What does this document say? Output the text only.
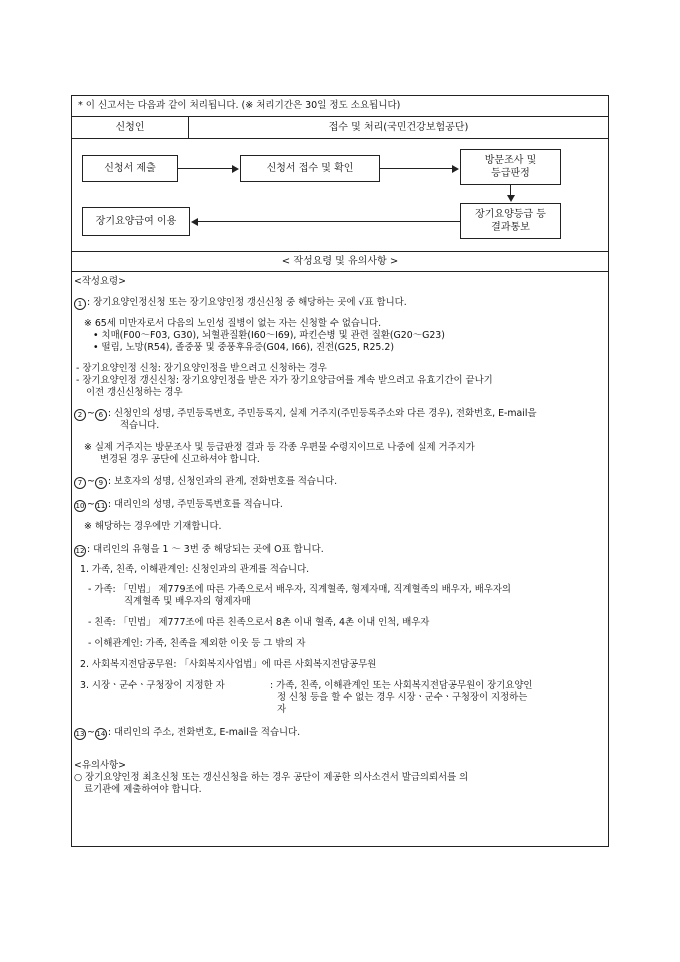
* 이 신고서는 다음과 같이 처리됩니다. (※ 처리기간은 30일 정도 소요됩니다)
신청인	접수 및 처리(국민건강보험공단)
신청서 제출	신청서 접수 및 확인
방문조사 및
등급판정
장기요양등급 등
결과통보
장기요양급여 이용
< 작성요령 및 유의사항 >
<작성요령>
1 : 장기요양인정신청 또는 장기요양인정 갱신신청 중 해당하는 곳에 √표 합니다.
※ 65세 미만자로서 다음의 노인성 질병이 없는 자는 신청할 수 없습니다.
• 치매(F00～F03, G30), 뇌혈관질환(I60～I69), 파킨슨병 및 관련 질환(G20～G23)
• 떨림, 노망(R54), 졸중풍 및 중풍후유증(G04, I66), 진전(G25, R25.2)
- 장기요양인정 신청: 장기요양인정을 받으려고 신청하는 경우
- 장기요양인정 갱신신청: 장기요양인정을 받은 자가 장기요양급여를 계속 받으려고 유효기간이 끝나기
이전 갱신신청하는 경우
2 ~ 6 : 신청인의 성명, 주민등록번호, 주민등록지, 실제 거주지(주민등록주소와 다른 경우), 전화번호, E-mail을
적습니다.
※ 실제 거주지는 방문조사 및 등급판정 결과 등 각종 우편물 수령지이므로 나중에 실제 거주지가
변경된 경우 공단에 신고하셔야 합니다.
7 ~ 9 : 보호자의 성명, 신청인과의 관계, 전화번호를 적습니다.
10 ~ 11 : 대리인의 성명, 주민등록번호를 적습니다.
※ 해당하는 경우에만 기재합니다.
12 : 대리인의 유형을 1 ～ 3번 중 해당되는 곳에 O표 합니다.
1. 가족, 친족, 이해관계인: 신청인과의 관계를 적습니다.
- 가족: 「민법」 제779조에 따른 가족으로서 배우자, 직계혈족, 형제자매, 직계혈족의 배우자, 배우자의
직계혈족 및 배우자의 형제자매
- 친족: 「민법」 제777조에 따른 친족으로서 8촌 이내 혈족, 4촌 이내 인척, 배우자
- 이해관계인: 가족, 친족을 제외한 이웃 등 그 밖의 자
2. 사회복지전담공무원: 「사회복지사업법」에 따른 사회복지전담공무원
3. 시장ㆍ군수ㆍ구청장이 지정한 자	: 가족, 친족, 이해관계인 또는 사회복지전담공무원이 장기요양인
정 신청 등을 할 수 없는 경우 시장ㆍ군수ㆍ구청장이 지정하는
자
13 ~ 14 : 대리인의 주소, 전화번호, E-mail을 적습니다.
<유의사항>
○ 장기요양인정 최초신청 또는 갱신신청을 하는 경우 공단이 제공한 의사소견서 발급의뢰서를 의
료기관에 제출하여야 합니다.
